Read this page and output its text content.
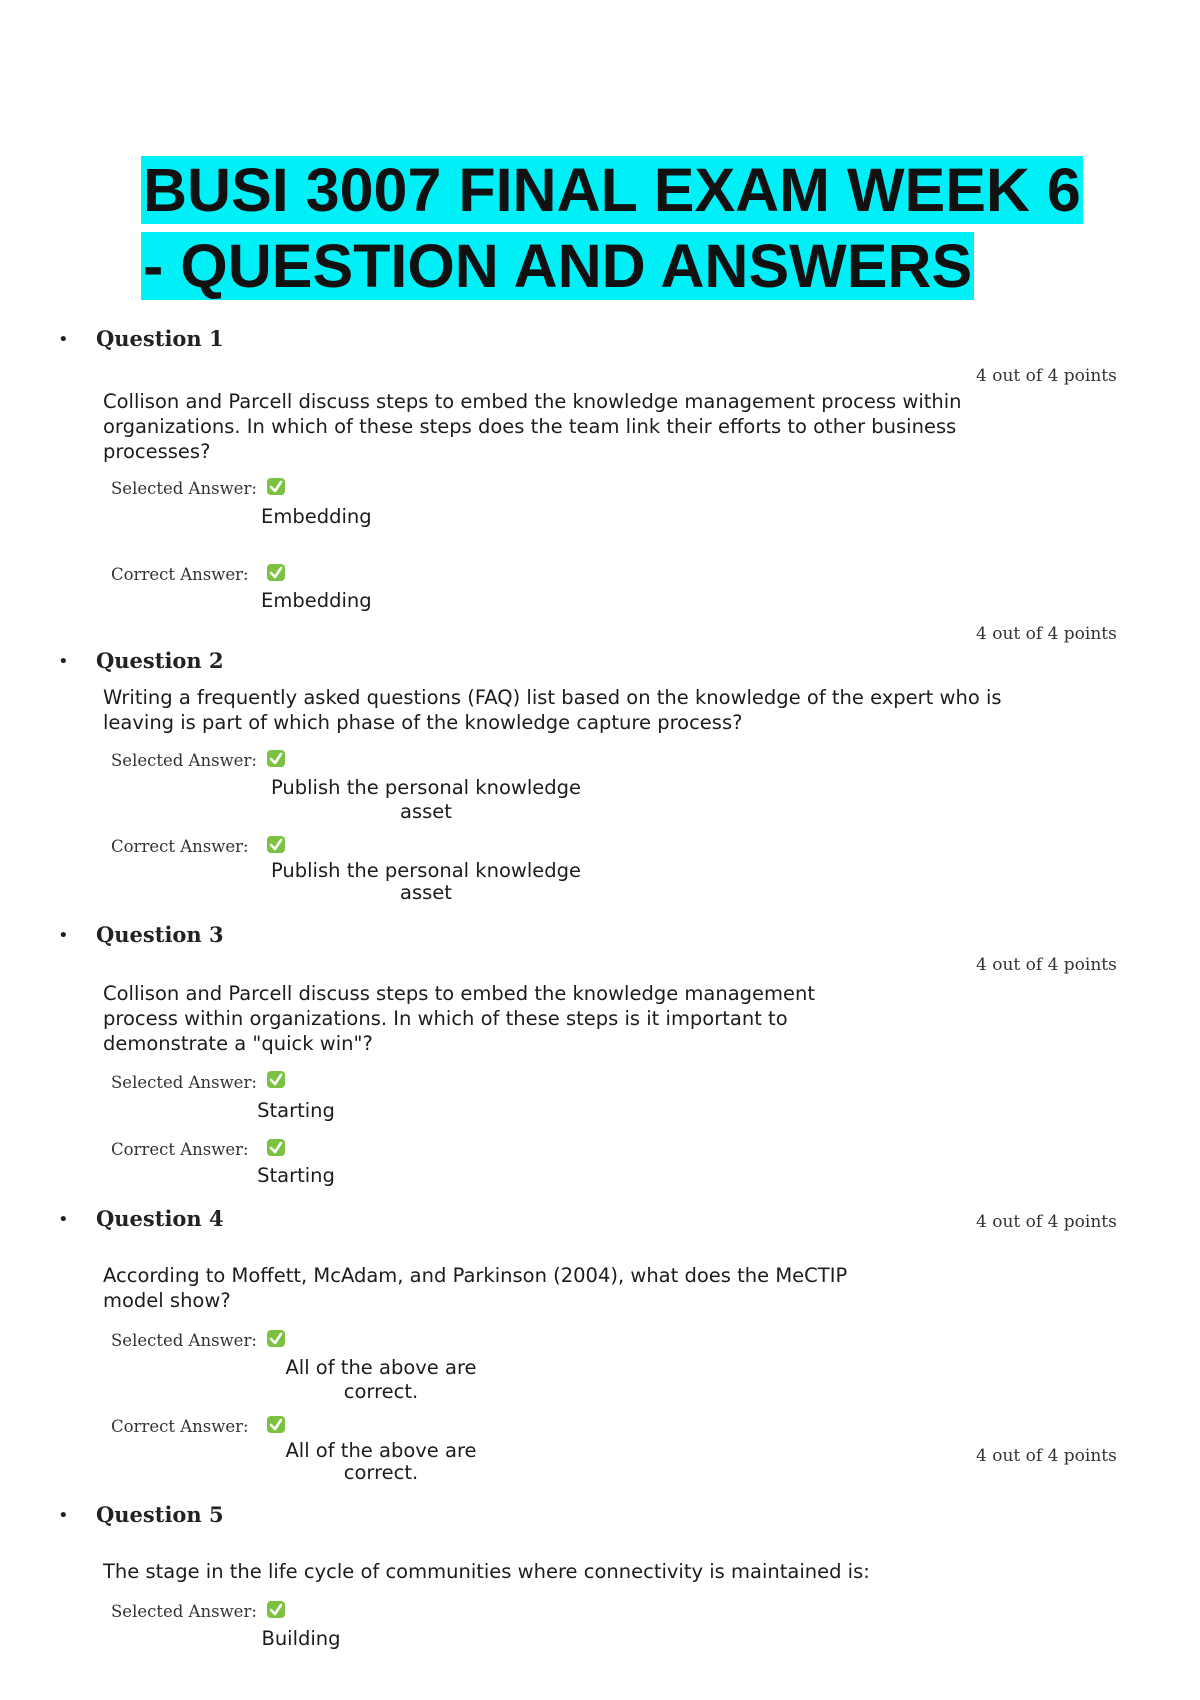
BUSI 3007 FINAL EXAM WEEK 6 - QUESTION AND ANSWERS
• Question 1
4 out of 4 points
Collison and Parcell discuss steps to embed the knowledge management process within organizations. In which of these steps does the team link their efforts to other business processes?
Selected Answer:
Embedding
Correct Answer:
Embedding
4 out of 4 points
• Question 2
Writing a frequently asked questions (FAQ) list based on the knowledge of the expert who is leaving is part of which phase of the knowledge capture process?
Selected Answer:
Publish the personal knowledge asset
Correct Answer:
Publish the personal knowledge asset
• Question 3
4 out of 4 points
Collison and Parcell discuss steps to embed the knowledge management process within organizations. In which of these steps is it important to demonstrate a "quick win"?
Selected Answer:
Starting
Correct Answer:
Starting
• Question 4	4 out of 4 points
According to Moffett, McAdam, and Parkinson (2004), what does the MeCTIP model show?
Selected Answer:
All of the above are correct.
Correct Answer:
All of the above are correct.
4 out of 4 points
• Question 5
The stage in the life cycle of communities where connectivity is maintained is:
Selected Answer:
Building
